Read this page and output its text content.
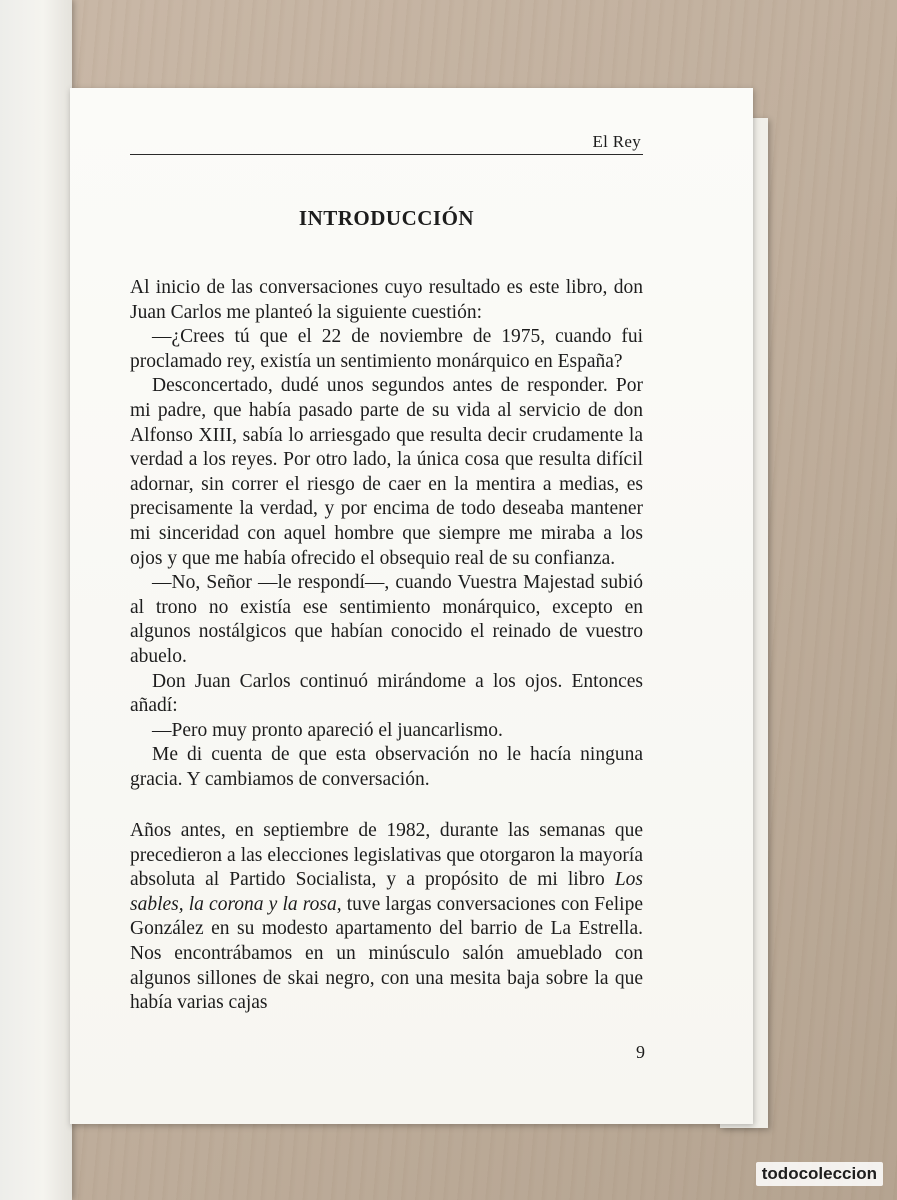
El Rey
INTRODUCCIÓN

Al inicio de las conversaciones cuyo resultado es este libro, don Juan Carlos me planteó la siguiente cuestión:

—¿Crees tú que el 22 de noviembre de 1975, cuando fui proclamado rey, existía un sentimiento monárquico en España?

Desconcertado, dudé unos segundos antes de responder. Por mi padre, que había pasado parte de su vida al servicio de don Alfonso XIII, sabía lo arriesgado que resulta decir crudamente la verdad a los reyes. Por otro lado, la única cosa que resulta difícil adornar, sin correr el riesgo de caer en la mentira a medias, es precisamente la verdad, y por encima de todo deseaba mantener mi sinceridad con aquel hombre que siempre me miraba a los ojos y que me había ofrecido el obsequio real de su confianza.

—No, Señor —le respondí—, cuando Vuestra Majestad subió al trono no existía ese sentimiento monárquico, excepto en algunos nostálgicos que habían conocido el reinado de vuestro abuelo.

Don Juan Carlos continuó mirándome a los ojos. Entonces añadí:

—Pero muy pronto apareció el juancarlismo.

Me di cuenta de que esta observación no le hacía ninguna gracia. Y cambiamos de conversación.

Años antes, en septiembre de 1982, durante las semanas que precedieron a las elecciones legislativas que otorgaron la mayoría absoluta al Partido Socialista, y a propósito de mi libro Los sables, la corona y la rosa, tuve largas conversaciones con Felipe González en su modesto apartamento del barrio de La Estrella. Nos encontrábamos en un minúsculo salón amueblado con algunos sillones de skai negro, con una mesita baja sobre la que había varias cajas

9
todocoleccion
